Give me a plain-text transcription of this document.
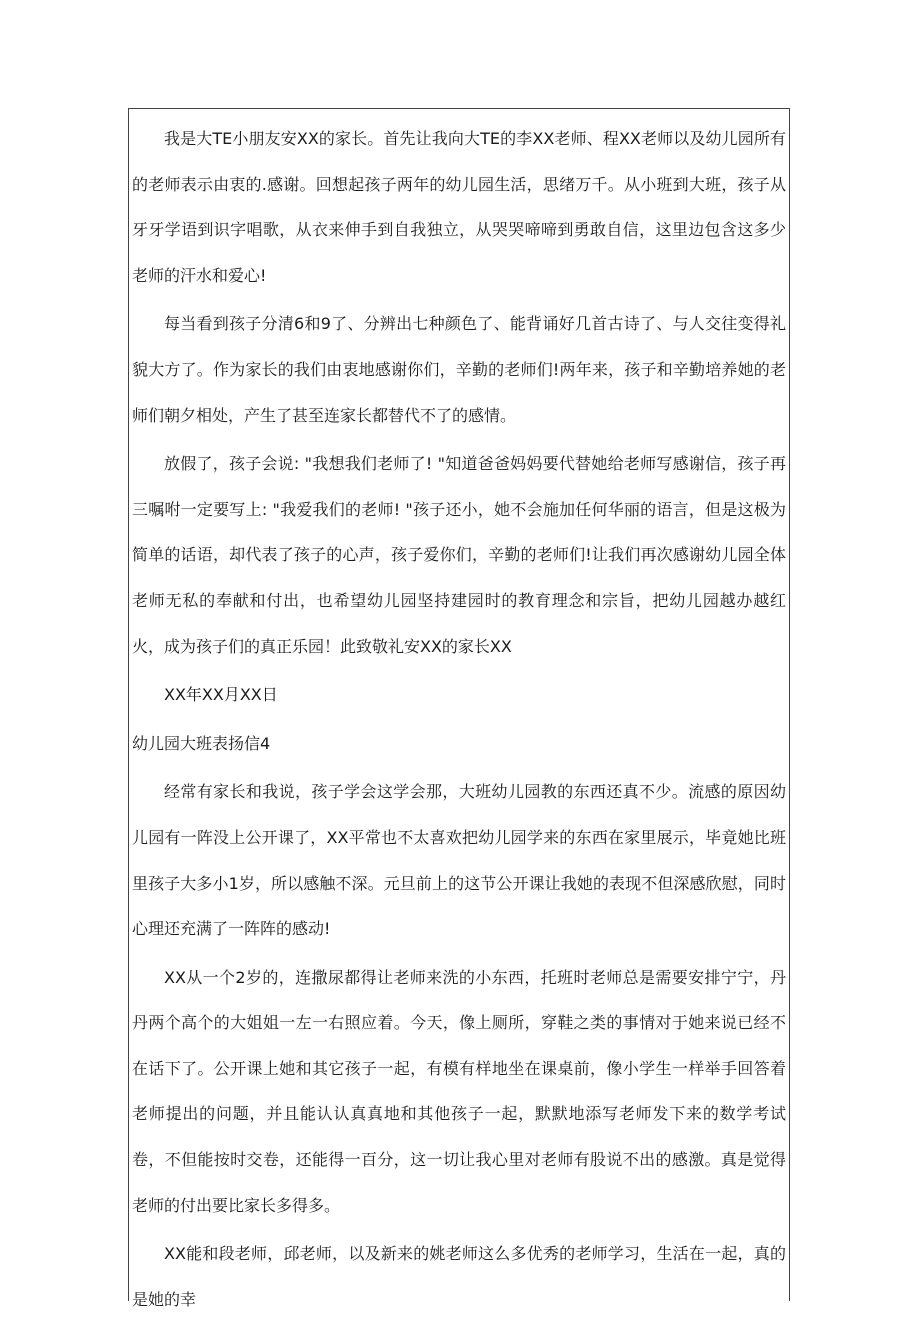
我是大TE小朋友安XX的家长。首先让我向大TE的李XX老师、程XX老师以及幼儿园所有的老师表示由衷的.感谢。回想起孩子两年的幼儿园生活，思绪万千。从小班到大班，孩子从牙牙学语到识字唱歌，从衣来伸手到自我独立，从哭哭啼啼到勇敢自信，这里边包含这多少老师的汗水和爱心!

每当看到孩子分清6和9了、分辨出七种颜色了、能背诵好几首古诗了、与人交往变得礼貌大方了。作为家长的我们由衷地感谢你们，辛勤的老师们!两年来，孩子和辛勤培养她的老师们朝夕相处，产生了甚至连家长都替代不了的感情。

放假了，孩子会说: "我想我们老师了! "知道爸爸妈妈要代替她给老师写感谢信，孩子再三嘱咐一定要写上: "我爱我们的老师! "孩子还小，她不会施加任何华丽的语言，但是这极为简单的话语，却代表了孩子的心声，孩子爱你们，辛勤的老师们!让我们再次感谢幼儿园全体老师无私的奉献和付出，也希望幼儿园坚持建园时的教育理念和宗旨，把幼儿园越办越红火，成为孩子们的真正乐园！此致敬礼安XX的家长XX

XX年XX月XX日

幼儿园大班表扬信4

经常有家长和我说，孩子学会这学会那，大班幼儿园教的东西还真不少。流感的原因幼儿园有一阵没上公开课了，XX平常也不太喜欢把幼儿园学来的东西在家里展示，毕竟她比班里孩子大多小1岁，所以感触不深。元旦前上的这节公开课让我她的表现不但深感欣慰，同时心理还充满了一阵阵的感动!

XX从一个2岁的，连撒尿都得让老师来洗的小东西，托班时老师总是需要安排宁宁，丹丹两个高个的大姐姐一左一右照应着。今天，像上厕所，穿鞋之类的事情对于她来说已经不在话下了。公开课上她和其它孩子一起，有模有样地坐在课桌前，像小学生一样举手回答着老师提出的问题，并且能认认真真地和其他孩子一起，默默地添写老师发下来的数学考试卷，不但能按时交卷，还能得一百分，这一切让我心里对老师有股说不出的感激。真是觉得老师的付出要比家长多得多。

XX能和段老师，邱老师，以及新来的姚老师这么多优秀的老师学习，生活在一起，真的是她的幸
